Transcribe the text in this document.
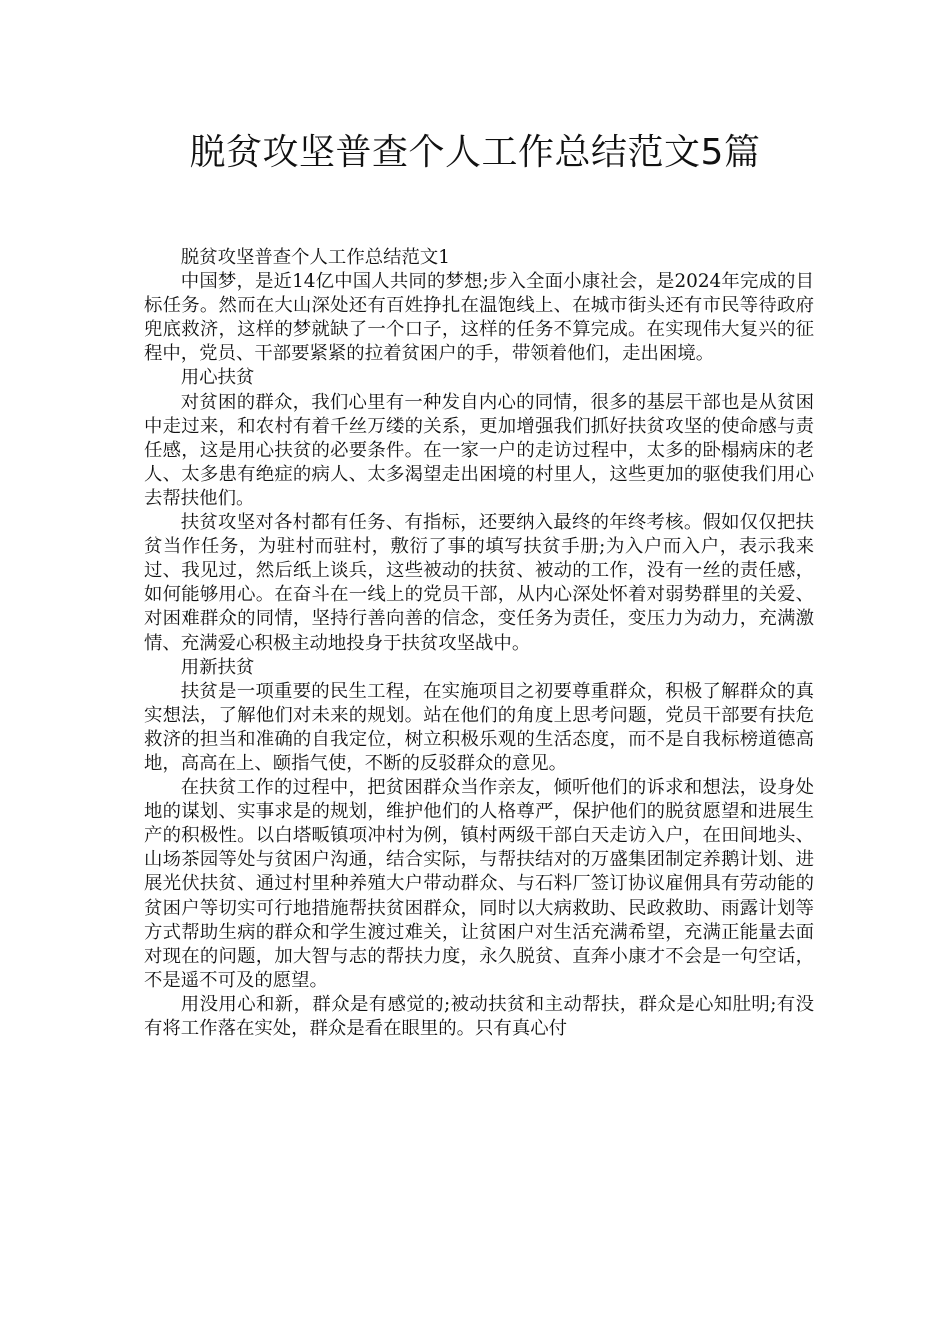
脱贫攻坚普查个人工作总结范文5篇

脱贫攻坚普查个人工作总结范文1

中国梦，是近14亿中国人共同的梦想;步入全面小康社会，是2024年完成的目标任务。然而在大山深处还有百姓挣扎在温饱线上、在城市街头还有市民等待政府兜底救济，这样的梦就缺了一个口子，这样的任务不算完成。在实现伟大复兴的征程中，党员、干部要紧紧的拉着贫困户的手，带领着他们，走出困境。

用心扶贫

对贫困的群众，我们心里有一种发自内心的同情，很多的基层干部也是从贫困中走过来，和农村有着千丝万缕的关系，更加增强我们抓好扶贫攻坚的使命感与责任感，这是用心扶贫的必要条件。在一家一户的走访过程中，太多的卧榻病床的老人、太多患有绝症的病人、太多渴望走出困境的村里人，这些更加的驱使我们用心去帮扶他们。

扶贫攻坚对各村都有任务、有指标，还要纳入最终的年终考核。假如仅仅把扶贫当作任务，为驻村而驻村，敷衍了事的填写扶贫手册;为入户而入户，表示我来过、我见过，然后纸上谈兵，这些被动的扶贫、被动的工作，没有一丝的责任感，如何能够用心。在奋斗在一线上的党员干部，从内心深处怀着对弱势群里的关爱、对困难群众的同情，坚持行善向善的信念，变任务为责任，变压力为动力，充满激情、充满爱心积极主动地投身于扶贫攻坚战中。

用新扶贫

扶贫是一项重要的民生工程，在实施项目之初要尊重群众，积极了解群众的真实想法，了解他们对未来的规划。站在他们的角度上思考问题，党员干部要有扶危救济的担当和准确的自我定位，树立积极乐观的生活态度，而不是自我标榜道德高地，高高在上、颐指气使，不断的反驳群众的意见。

在扶贫工作的过程中，把贫困群众当作亲友，倾听他们的诉求和想法，设身处地的谋划、实事求是的规划，维护他们的人格尊严，保护他们的脱贫愿望和进展生产的积极性。以白塔畈镇项冲村为例，镇村两级干部白天走访入户，在田间地头、山场茶园等处与贫困户沟通，结合实际，与帮扶结对的万盛集团制定养鹅计划、进展光伏扶贫、通过村里种养殖大户带动群众、与石料厂签订协议雇佣具有劳动能的贫困户等切实可行地措施帮扶贫困群众，同时以大病救助、民政救助、雨露计划等方式帮助生病的群众和学生渡过难关，让贫困户对生活充满希望，充满正能量去面对现在的问题，加大智与志的帮扶力度，永久脱贫、直奔小康才不会是一句空话，不是遥不可及的愿望。

用没用心和新，群众是有感觉的;被动扶贫和主动帮扶，群众是心知肚明;有没有将工作落在实处，群众是看在眼里的。只有真心付
